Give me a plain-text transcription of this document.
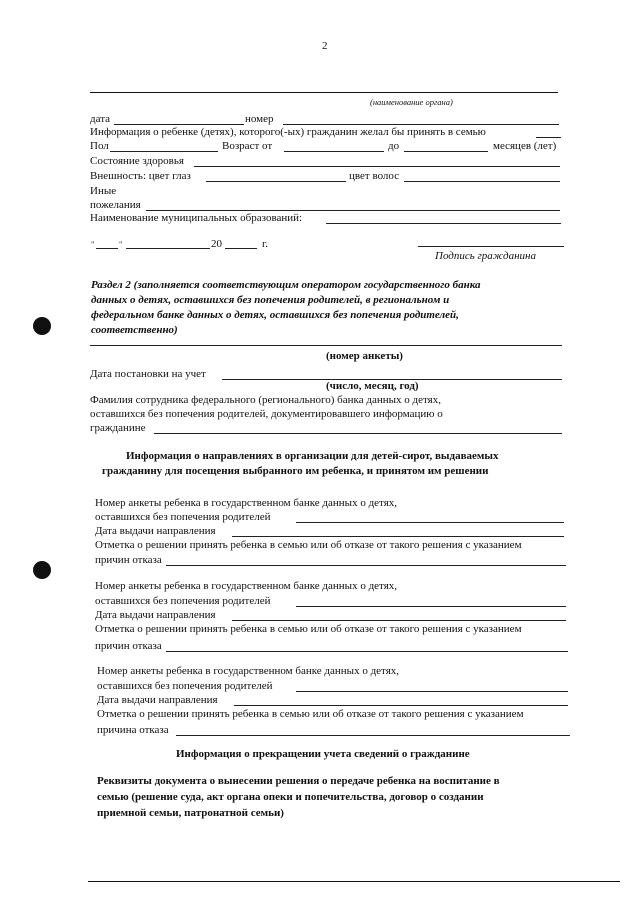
2
(наименование органа)
дата	номер
Информация о ребенке (детях), которого(-ых) гражданин желал бы принять в семью
Пол	Возраст от	до	месяцев (лет)
Состояние здоровья
Внешность: цвет глаз	цвет волос
Иные
пожелания
Наименование муниципальных образований:
"	"	20	г.
Подпись гражданина
Раздел 2 (заполняется соответствующим оператором государственного банка
данных о детях, оставшихся без попечения родителей, в региональном и
федеральном банке данных о детях, оставшихся без попечения родителей,
соответственно)
(номер анкеты)
Дата постановки на учет
(число, месяц, год)
Фамилия сотрудника федерального (регионального) банка данных о детях,
оставшихся без попечения родителей, документировавшего информацию о
гражданине
Информация о направлениях в организации для детей-сирот, выдаваемых
гражданину для посещения выбранного им ребенка, и принятом им решении
Номер анкеты ребенка в государственном банке данных о детях,
оставшихся без попечения родителей
Дата выдачи направления
Отметка о решении принять ребенка в семью или об отказе от такого решения с указанием
причин отказа
Номер анкеты ребенка в государственном банке данных о детях,
оставшихся без попечения родителей
Дата выдачи направления
Отметка о решении принять ребенка в семью или об отказе от такого решения с указанием
причин отказа
Номер анкеты ребенка в государственном банке данных о детях,
оставшихся без попечения родителей
Дата выдачи направления
Отметка о решении принять ребенка в семью или об отказе от такого решения с указанием
причина отказа
Информация о прекращении учета сведений о гражданине
Реквизиты документа о вынесении решения о передаче ребенка на воспитание в
семью (решение суда, акт органа опеки и попечительства, договор о создании
приемной семьи, патронатной семьи)
